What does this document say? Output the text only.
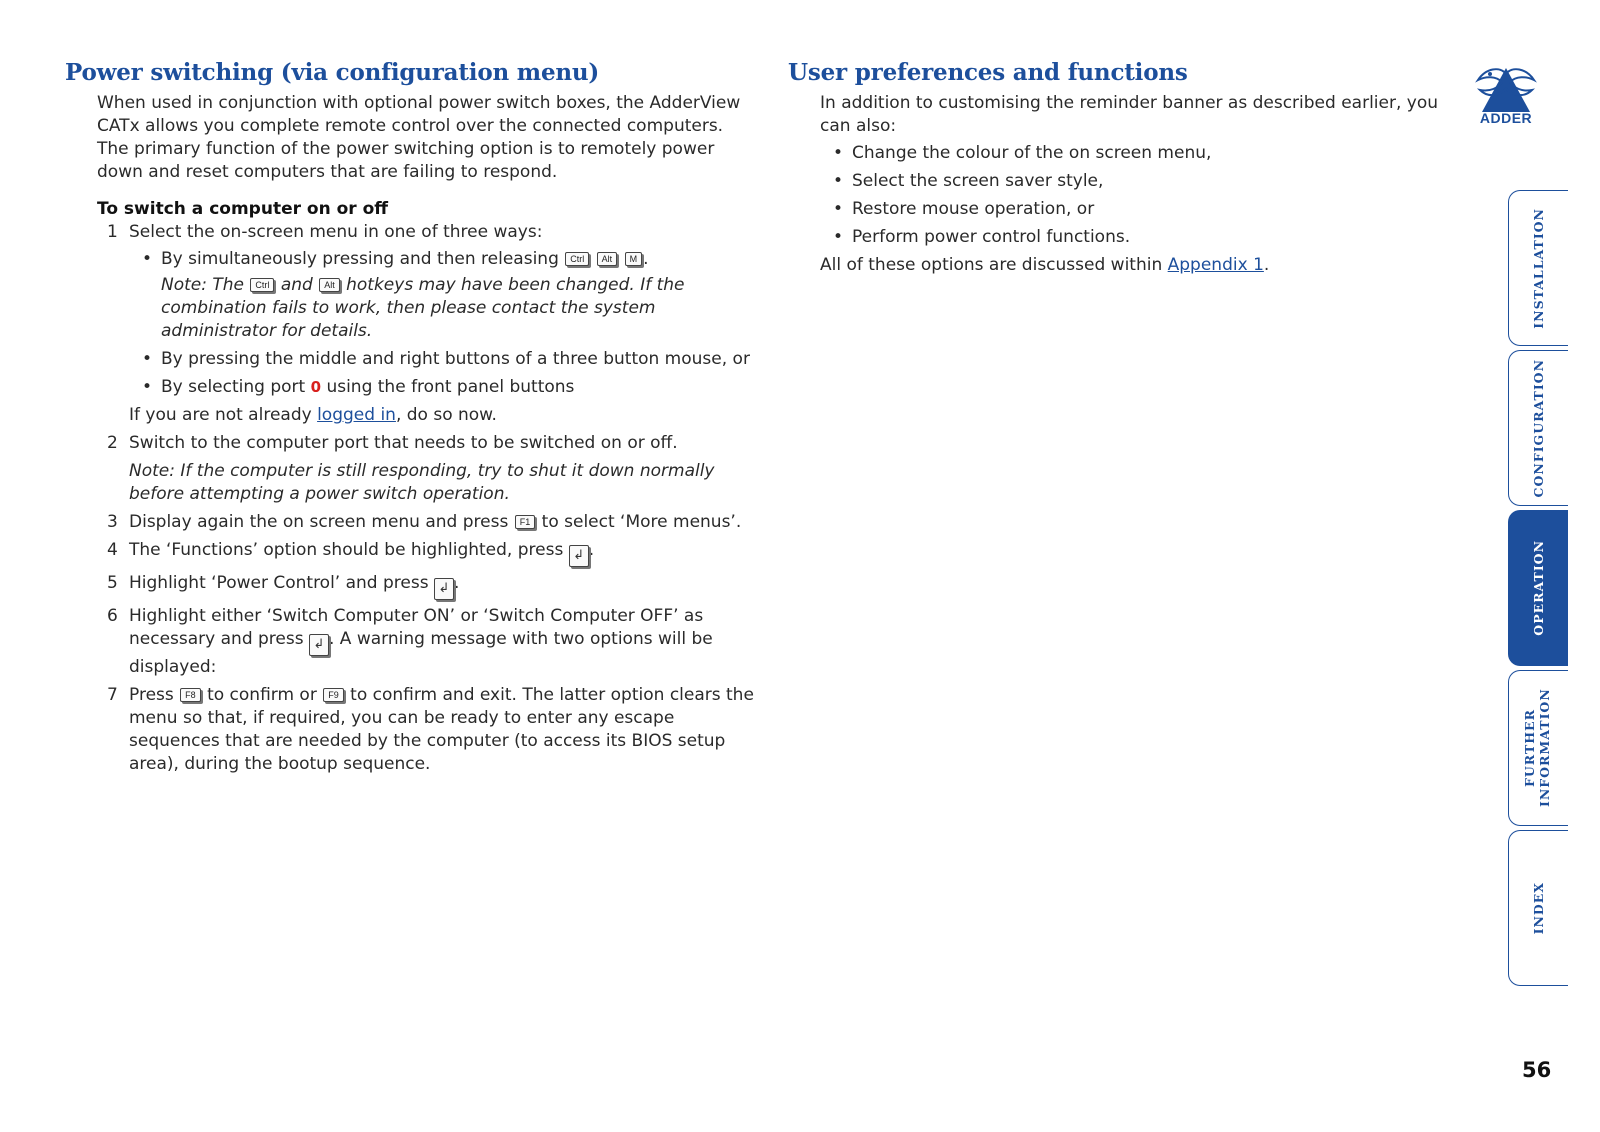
Power switching (via configuration menu)

When used in conjunction with optional power switch boxes, the AdderView CATx allows you complete remote control over the connected computers. The primary function of the power switching option is to remotely power down and reset computers that are failing to respond.

To switch a computer on or off
1 Select the on-screen menu in one of three ways:
• By simultaneously pressing and then releasing Ctrl Alt M .
Note: The Ctrl and Alt hotkeys may have been changed. If the combination fails to work, then please contact the system administrator for details.
• By pressing the middle and right buttons of a three button mouse, or
• By selecting port 0 using the front panel buttons
If you are not already logged in, do so now.
2 Switch to the computer port that needs to be switched on or off.
Note: If the computer is still responding, try to shut it down normally before attempting a power switch operation.
3 Display again the on screen menu and press F1 to select ‘More menus’.
4 The ‘Functions’ option should be highlighted, press ↲ .
5 Highlight ‘Power Control’ and press ↲ .
6 Highlight either ‘Switch Computer ON’ or ‘Switch Computer OFF’ as necessary and press ↲ . A warning message with two options will be displayed:
7 Press F8 to confirm or F9 to confirm and exit. The latter option clears the menu so that, if required, you can be ready to enter any escape sequences that are needed by the computer (to access its BIOS setup area), during the bootup sequence.
User preferences and functions

In addition to customising the reminder banner as described earlier, you can also:

• Change the colour of the on screen menu,
• Select the screen saver style,
• Restore mouse operation, or
• Perform power control functions.

All of these options are discussed within Appendix 1.

ADDER
INSTALLATION
CONFIGURATION
OPERATION
FURTHER INFORMATION
INDEX
56
